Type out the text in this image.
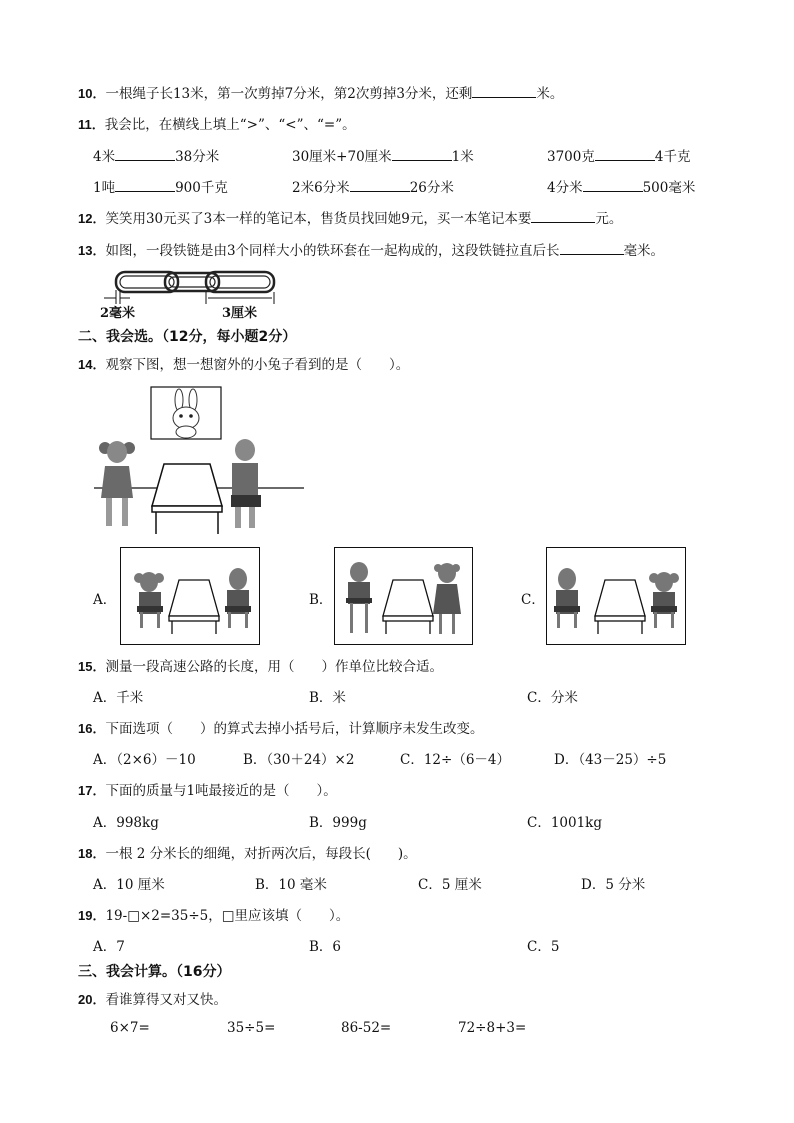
10．一根绳子长13米，第一次剪掉7分米，第2次剪掉3分米，还剩	米。
11．我会比，在横线上填上“>”、“<”、“=”。
4米	38分米	30厘米+70厘米	1米	3700克	4千克
1吨	900千克	2米6分米	26分米	4分米	500毫米
12．笑笑用30元买了3本一样的笔记本，售货员找回她9元，买一本笔记本要	元。
13．如图，一段铁链是由3个同样大小的铁环套在一起构成的，这段铁链拉直后长	毫米。
2毫米	3厘米
二、我会选。（12分，每小题2分）
14．观察下图，想一想窗外的小兔子看到的是（　　）。
A．	B．	C．
15．测量一段高速公路的长度，用（　　）作单位比较合适。
A．千米	B．米	C．分米
16．下面选项（　　）的算式去掉小括号后，计算顺序未发生改变。
A．（2×6）－10	B．（30＋24）×2	C．12÷（6－4）	D．（43－25）÷5
17．下面的质量与1吨最接近的是（　　）。
A．998kg	B．999g	C．1001kg
18．一根 2 分米长的细绳，对折两次后，每段长(　　)。
A．10 厘米	B．10 毫米	C．5 厘米	D．5 分米
19．19-□×2=35÷5，□里应该填（　　）。
A．7	B．6	C．5
三、我会计算。（16分）
20．看谁算得又对又快。
6×7=	35÷5=	86-52=	72÷8+3=
